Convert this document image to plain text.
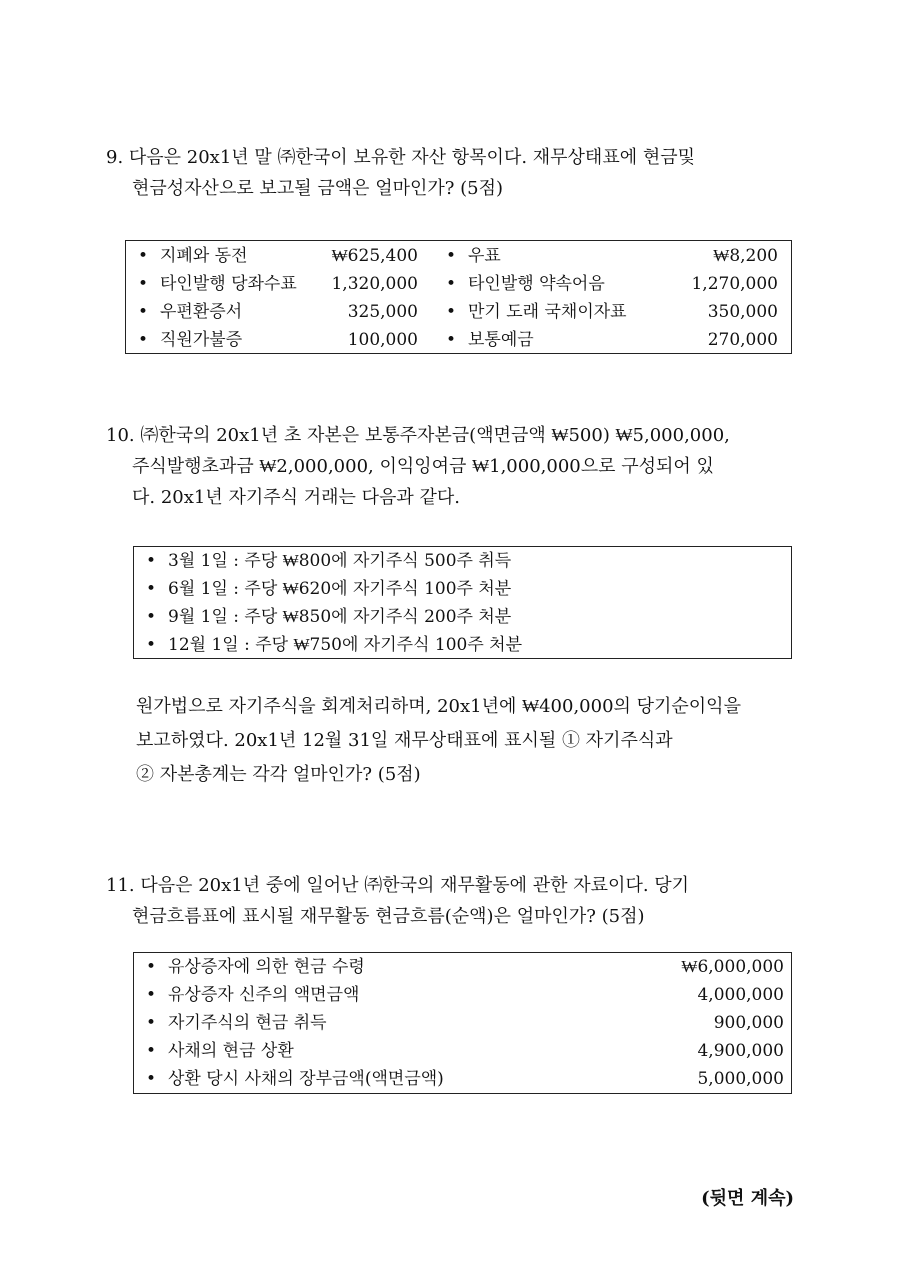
9. 다음은 20x1년 말 ㈜한국이 보유한 자산 항목이다. 재무상태표에 현금및
현금성자산으로 보고될 금액은 얼마인가? (5점)
• 지폐와 동전	₩625,400 • 우표	₩8,200
• 타인발행 당좌수표	1,320,000 • 타인발행 약속어음	1,270,000
• 우편환증서	325,000 • 만기 도래 국채이자표	350,000
• 직원가불증	100,000 • 보통예금	270,000
10. ㈜한국의 20x1년 초 자본은 보통주자본금(액면금액 ₩500) ₩5,000,000,
주식발행초과금 ₩2,000,000, 이익잉여금 ₩1,000,000으로 구성되어 있
다. 20x1년 자기주식 거래는 다음과 같다.
• 3월 1일 : 주당 ₩800에 자기주식 500주 취득
• 6월 1일 : 주당 ₩620에 자기주식 100주 처분
• 9월 1일 : 주당 ₩850에 자기주식 200주 처분
• 12월 1일 : 주당 ₩750에 자기주식 100주 처분
원가법으로 자기주식을 회계처리하며, 20x1년에 ₩400,000의 당기순이익을
보고하였다. 20x1년 12월 31일 재무상태표에 표시될 ① 자기주식과
② 자본총계는 각각 얼마인가? (5점)
11. 다음은 20x1년 중에 일어난 ㈜한국의 재무활동에 관한 자료이다. 당기
현금흐름표에 표시될 재무활동 현금흐름(순액)은 얼마인가? (5점)
• 유상증자에 의한 현금 수령	₩6,000,000
• 유상증자 신주의 액면금액	4,000,000
• 자기주식의 현금 취득	900,000
• 사채의 현금 상환	4,900,000
• 상환 당시 사채의 장부금액(액면금액)	5,000,000
(뒷면 계속)
